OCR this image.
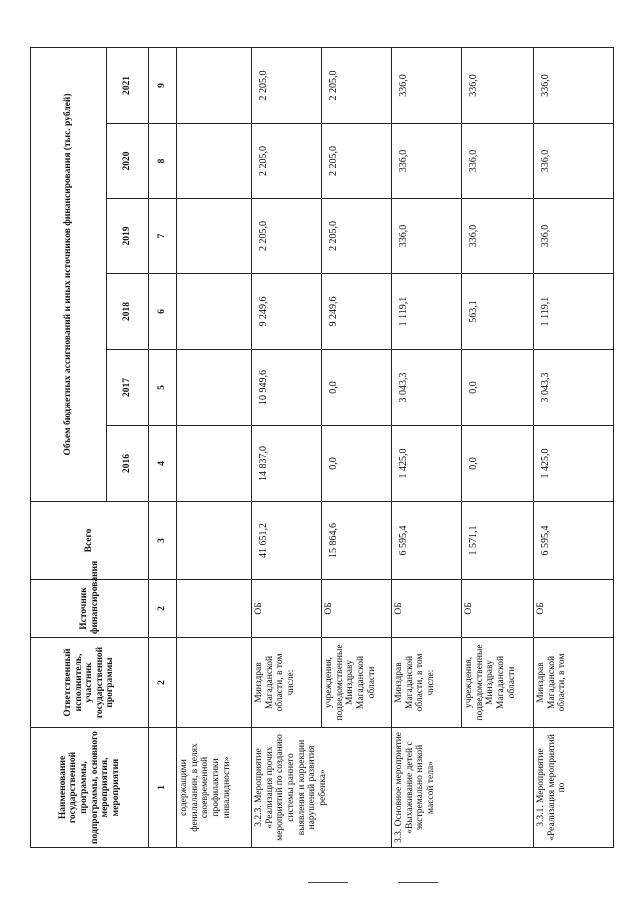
Наименование государственной программы, подпрограммы, основного мероприятия, мероприятия	Ответственный исполнитель, участник государственной программы	Источник финансирования	Всего	Объем бюджетных ассигнований и иных источников финансирования (тыс. рублей)					
				2016	2017	2018	2019	2020	2021
1	2	2	3	4	5	6	7	8	9
содержащими фенилаланин, в целях своевременной профилактики инвалидности»									
3.2.3. Мероприятие «Реализация прочих мероприятий по созданию системы раннего выявления и коррекции нарушений развития ребенка»	Минздрав Магаданской области, в том числе:	ОБ	41 651,2	14 837,0	10 949,6	9 249,6	2 205,0	2 205,0	2 205,0
	учреждения, подведомственные Минздраву Магаданской области	ОБ	15 864,6	0,0	0,0	9 249,6	2 205,0	2 205,0	2 205,0
3.3. Основное мероприятие «Выхаживание детей с экстремально низкой массой тела»	Минздрав Магаданской области, в том числе:	ОБ	6 595,4	1 425,0	3 043,3	1 119,1	336,0	336,0	336,0
	учреждения, подведомственные Минздраву Магаданской области	ОБ	1 571,1	0,0	0,0	563,1	336,0	336,0	336,0
3.3.1. Мероприятие «Реализация мероприятий по	Минздрав Магаданской области, в том	ОБ	6 595,4	1 425,0	3 043,3	1 119,1	336,0	336,0	336,0
